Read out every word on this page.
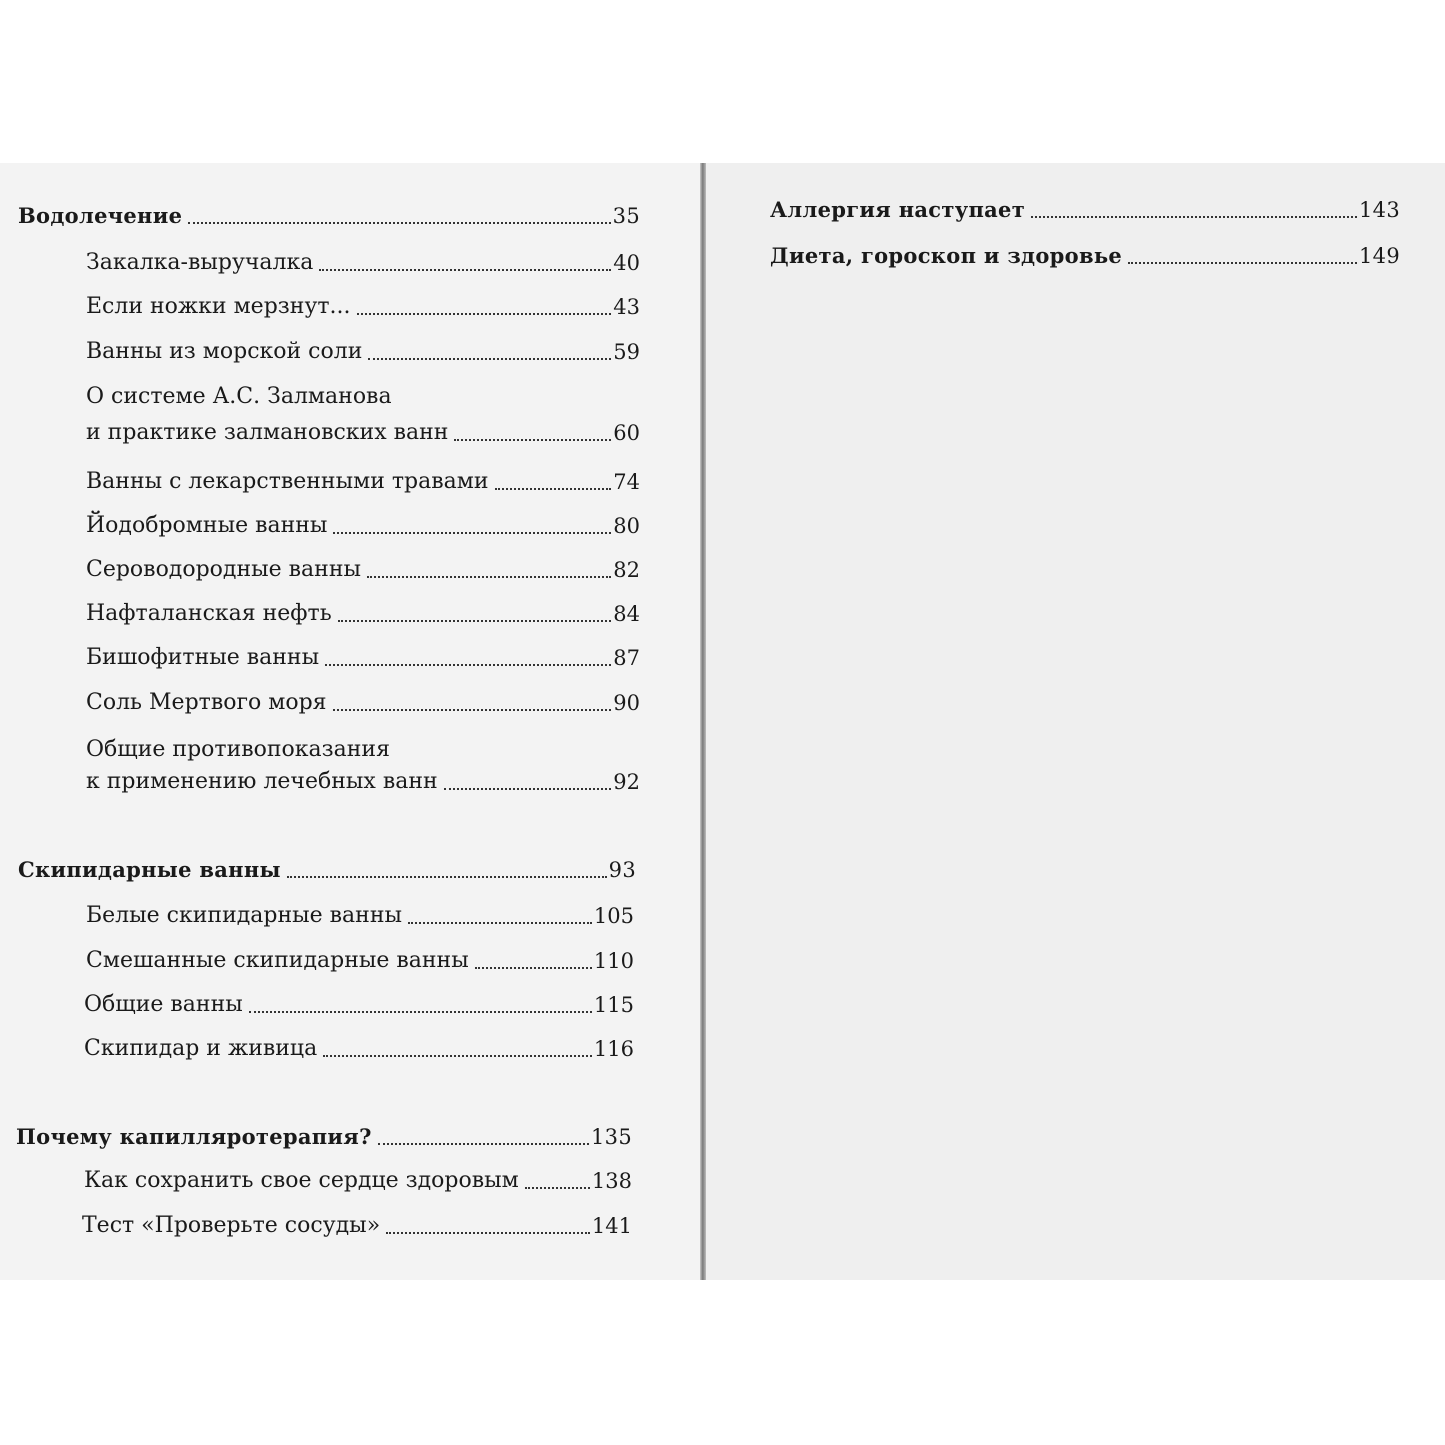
Водолечение	35
Закалка-выручалка	40
Если ножки мерзнут...	43
Ванны из морской соли	59
О системе А.С. Залманова
и практике залмановских ванн	60
Ванны с лекарственными травами	74
Йодобромные ванны	80
Сероводородные ванны	82
Нафталанская нефть	84
Бишофитные ванны	87
Соль Мертвого моря	90
Общие противопоказания
к применению лечебных ванн	92
Скипидарные ванны	93
Белые скипидарные ванны	105
Смешанные скипидарные ванны	110
Общие ванны	115
Скипидар и живица	116
Почему капилляротерапия?	135
Как сохранить свое сердце здоровым	138
Тест «Проверьте сосуды»	141
Аллергия наступает	143
Диета, гороскоп и здоровье	149
